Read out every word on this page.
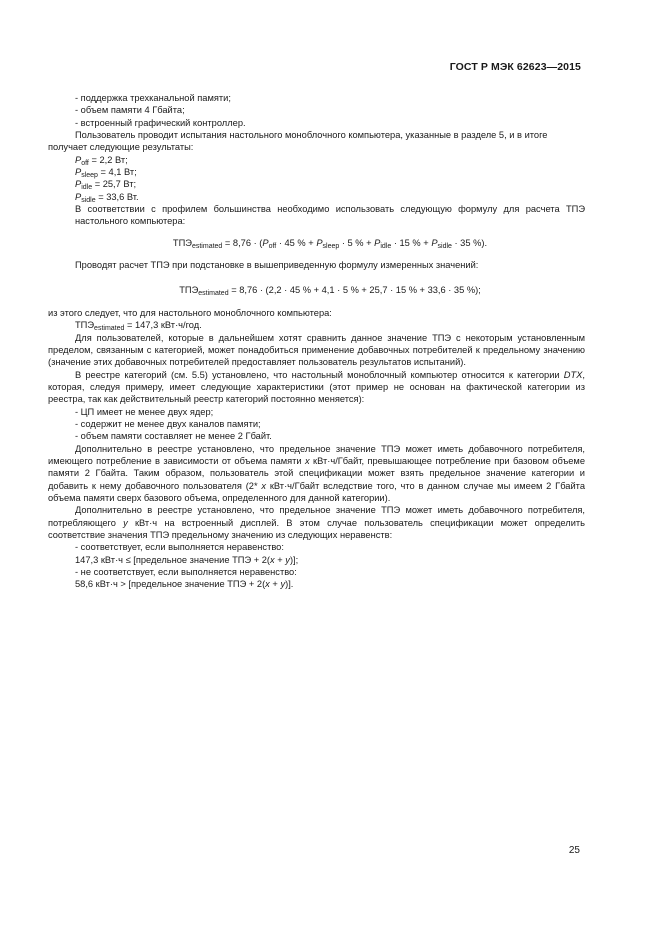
ГОСТ Р МЭК 62623—2015

- поддержка трехканальной памяти;

- объем памяти 4 Гбайта;

- встроенный графический контроллер.

Пользователь проводит испытания настольного моноблочного компьютера, указанные в разделе 5, и в итоге

получает следующие результаты:

$P_{off} = 2,2$ Вт;

$P_{sleep} = 4,1$ Вт;

$P_{idle} = 25,7$ Вт;

$P_{sidle} = 33,6$ Вт.

В соответствии с профилем большинства необходимо использовать следующую формулу для расчета ТПЭ настольного компьютера:

$ТПЭ_{estimated} = 8,76 \cdot (P_{off} \cdot 45$ % + $P_{sleep} \cdot 5$ % + $P_{idle} \cdot 15$ % + $P_{sidle} \cdot 35$ %).

Проводят расчет ТПЭ при подстановке в вышеприведенную формулу измеренных значений:

$ТПЭ_{estimated} = 8,76 \cdot (2,2 \cdot 45$ % + 4,1 · 5 % + 25,7 · 15 % + 33,6 · 35 %);

из этого следует, что для настольного моноблочного компьютера:

$ТПЭ_{estimated} = 147,3$ кВт·ч/год.

Для пользователей, которые в дальнейшем хотят сравнить данное значение ТПЭ с некоторым установленным пределом, связанным с категорией, может понадобиться применение добавочных потребителей к предельному значению (значение этих добавочных потребителей предоставляет пользователь результатов испытаний).

В реестре категорий (см. 5.5) установлено, что настольный моноблочный компьютер относится к категории DTX, которая, следуя примеру, имеет следующие характеристики (этот пример не основан на фактической категории из реестра, так как действительный реестр категорий постоянно меняется):

- ЦП имеет не менее двух ядер;

- содержит не менее двух каналов памяти;

- объем памяти составляет не менее 2 Гбайт.

Дополнительно в реестре установлено, что предельное значение ТПЭ может иметь добавочного потребителя, имеющего потребление в зависимости от объема памяти x кВт·ч/Гбайт, превышающее потребление при базовом объеме памяти 2 Гбайта. Таким образом, пользователь этой спецификации может взять предельное значение категории и добавить к нему добавочного пользователя (2* x кВт·ч/Гбайт вследствие того, что в данном случае мы имеем 2 Гбайта объема памяти сверх базового объема, определенного для данной категории).

Дополнительно в реестре установлено, что предельное значение ТПЭ может иметь добавочного потребителя, потребляющего y кВт·ч на встроенный дисплей. В этом случае пользователь спецификации может определить соответствие значения ТПЭ предельному значению из следующих неравенств:

- соответствует, если выполняется неравенство:

147,3 кВт·ч ≤ [предельное значение ТПЭ + 2(x + y)];

- не соответствует, если выполняется неравенство:

58,6 кВт·ч > [предельное значение ТПЭ + 2(x + y)].

25
